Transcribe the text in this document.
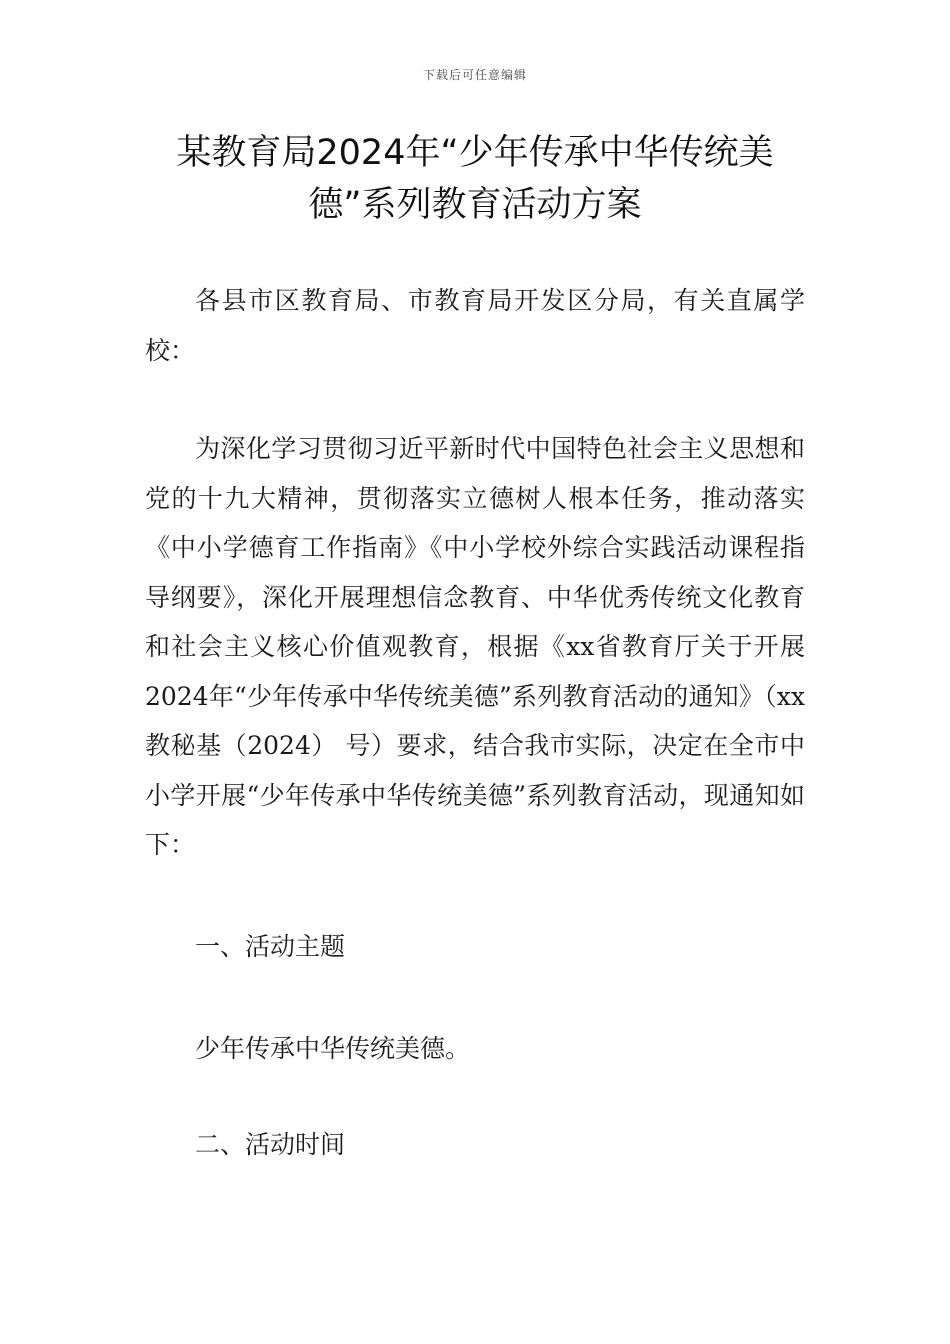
下载后可任意编辑
某教育局2024年“少年传承中华传统美德”系列教育活动方案
各县市区教育局、市教育局开发区分局，有关直属学校：
为深化学习贯彻习近平新时代中国特色社会主义思想和党的十九大精神，贯彻落实立德树人根本任务，推动落实《中小学德育工作指南》《中小学校外综合实践活动课程指导纲要》，深化开展理想信念教育、中华优秀传统文化教育和社会主义核心价值观教育，根据《xx省教育厅关于开展2024年“少年传承中华传统美德”系列教育活动的通知》（xx教秘基（2024） 号）要求，结合我市实际，决定在全市中小学开展“少年传承中华传统美德”系列教育活动，现通知如下：
一、活动主题
少年传承中华传统美德。
二、活动时间
